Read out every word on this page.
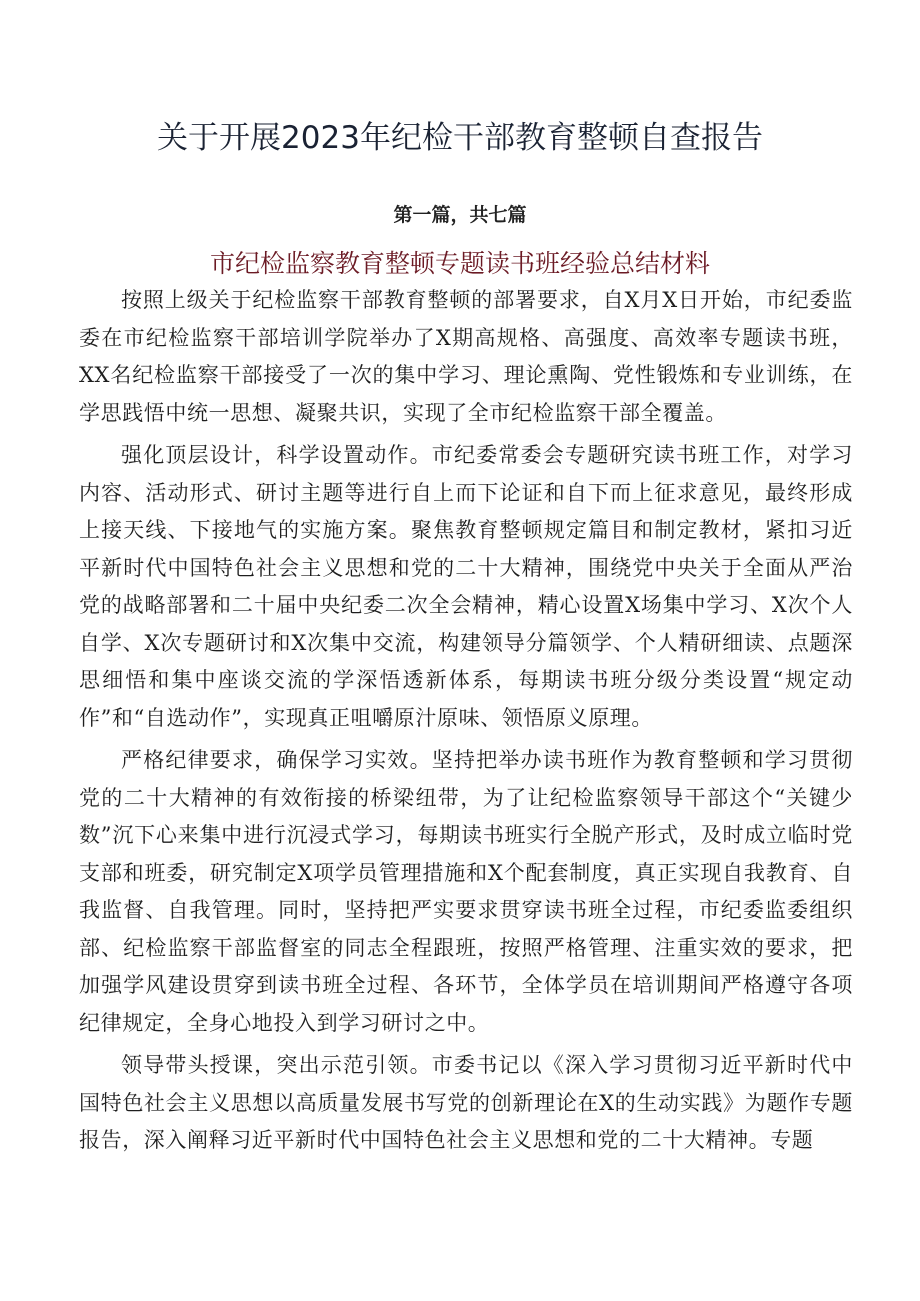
关于开展2023年纪检干部教育整顿自查报告
第一篇，共七篇
市纪检监察教育整顿专题读书班经验总结材料

按照上级关于纪检监察干部教育整顿的部署要求，自X月X日开始，市纪委监委在市纪检监察干部培训学院举办了X期高规格、高强度、高效率专题读书班，XX名纪检监察干部接受了一次的集中学习、理论熏陶、党性锻炼和专业训练，在学思践悟中统一思想、凝聚共识，实现了全市纪检监察干部全覆盖。

强化顶层设计，科学设置动作。市纪委常委会专题研究读书班工作，对学习内容、活动形式、研讨主题等进行自上而下论证和自下而上征求意见，最终形成上接天线、下接地气的实施方案。聚焦教育整顿规定篇目和制定教材，紧扣习近平新时代中国特色社会主义思想和党的二十大精神，围绕党中央关于全面从严治党的战略部署和二十届中央纪委二次全会精神，精心设置X场集中学习、X次个人自学、X次专题研讨和X次集中交流，构建领导分篇领学、个人精研细读、点题深思细悟和集中座谈交流的学深悟透新体系，每期读书班分级分类设置“规定动作”和“自选动作”，实现真正咀嚼原汁原味、领悟原义原理。

严格纪律要求，确保学习实效。坚持把举办读书班作为教育整顿和学习贯彻党的二十大精神的有效衔接的桥梁纽带，为了让纪检监察领导干部这个“关键少数”沉下心来集中进行沉浸式学习，每期读书班实行全脱产形式，及时成立临时党支部和班委，研究制定X项学员管理措施和X个配套制度，真正实现自我教育、自我监督、自我管理。同时，坚持把严实要求贯穿读书班全过程，市纪委监委组织部、纪检监察干部监督室的同志全程跟班，按照严格管理、注重实效的要求，把加强学风建设贯穿到读书班全过程、各环节，全体学员在培训期间严格遵守各项纪律规定，全身心地投入到学习研讨之中。

领导带头授课，突出示范引领。市委书记以《深入学习贯彻习近平新时代中国特色社会主义思想以高质量发展书写党的创新理论在X的生动实践》为题作专题报告，深入阐释习近平新时代中国特色社会主义思想和党的二十大精神。专题
